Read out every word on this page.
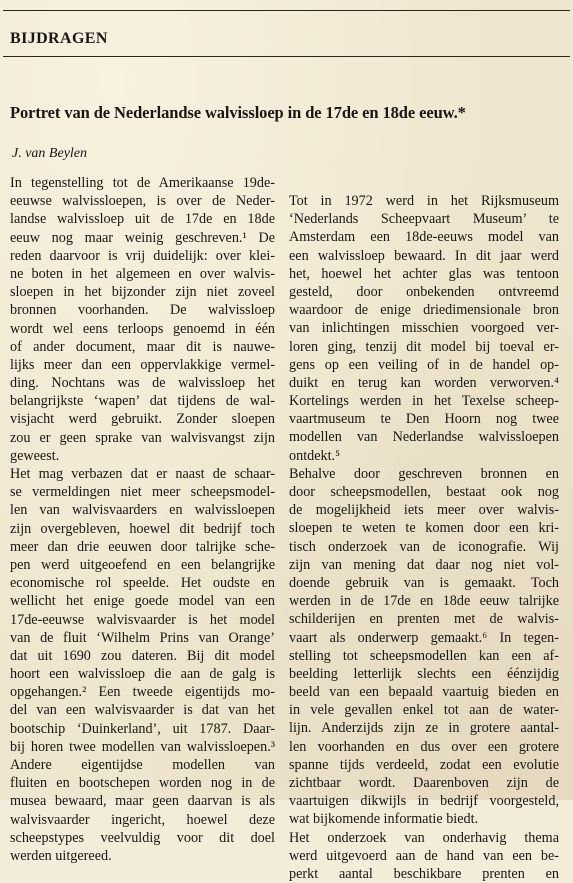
BIJDRAGEN
Portret van de Nederlandse walvissloep in de 17de en 18de eeuw.*
J. van Beylen
In tegenstelling tot de Amerikaanse 19de-
eeuwse walvissloepen, is over de Neder-
landse walvissloep uit de 17de en 18de
eeuw nog maar weinig geschreven.¹ De
reden daarvoor is vrij duidelijk: over klei-
ne boten in het algemeen en over walvis-
sloepen in het bijzonder zijn niet zoveel
bronnen voorhanden. De walvissloep
wordt wel eens terloops genoemd in één
of ander document, maar dit is nauwe-
lijks meer dan een oppervlakkige vermel-
ding. Nochtans was de walvissloep het
belangrijkste ‘wapen’ dat tijdens de wal-
visjacht werd gebruikt. Zonder sloepen
zou er geen sprake van walvisvangst zijn
geweest.
Het mag verbazen dat er naast de schaar-
se vermeldingen niet meer scheepsmodel-
len van walvisvaarders en walvissloepen
zijn overgebleven, hoewel dit bedrijf toch
meer dan drie eeuwen door talrijke sche-
pen werd uitgeoefend en een belangrijke
economische rol speelde. Het oudste en
wellicht het enige goede model van een
17de-eeuwse walvisvaarder is het model
van de fluit ‘Wilhelm Prins van Orange’
dat uit 1690 zou dateren. Bij dit model
hoort een walvissloep die aan de galg is
opgehangen.² Een tweede eigentijds mo-
del van een walvisvaarder is dat van het
bootschip ‘Duinkerland’, uit 1787. Daar-
bij horen twee modellen van walvissloepen.³
Andere eigentijdse modellen van
fluiten en bootschepen worden nog in de
musea bewaard, maar geen daarvan is als
walvisvaarder ingericht, hoewel deze
scheepstypes veelvuldig voor dit doel
werden uitgereed.
Tot in 1972 werd in het Rijksmuseum
‘Nederlands Scheepvaart Museum’ te
Amsterdam een 18de-eeuws model van
een walvissloep bewaard. In dit jaar werd
het, hoewel het achter glas was tentoon
gesteld, door onbekenden ontvreemd
waardoor de enige driedimensionale bron
van inlichtingen misschien voorgoed ver-
loren ging, tenzij dit model bij toeval er-
gens op een veiling of in de handel op-
duikt en terug kan worden verworven.⁴
Kortelings werden in het Texelse scheep-
vaartmuseum te Den Hoorn nog twee
modellen van Nederlandse walvissloepen
ontdekt.⁵
Behalve door geschreven bronnen en
door scheepsmodellen, bestaat ook nog
de mogelijkheid iets meer over walvis-
sloepen te weten te komen door een kri-
tisch onderzoek van de iconografie. Wij
zijn van mening dat daar nog niet vol-
doende gebruik van is gemaakt. Toch
werden in de 17de en 18de eeuw talrijke
schilderijen en prenten met de walvis-
vaart als onderwerp gemaakt.⁶ In tegen-
stelling tot scheepsmodellen kan een af-
beelding letterlijk slechts een éénzijdig
beeld van een bepaald vaartuig bieden en
in vele gevallen enkel tot aan de water-
lijn. Anderzijds zijn ze in grotere aantal-
len voorhanden en dus over een grotere
spanne tijds verdeeld, zodat een evolutie
zichtbaar wordt. Daarenboven zijn de
vaartuigen dikwijls in bedrijf voorgesteld,
wat bijkomende informatie biedt.
Het onderzoek van onderhavig thema
werd uitgevoerd aan de hand van een be-
perkt aantal beschikbare prenten en
